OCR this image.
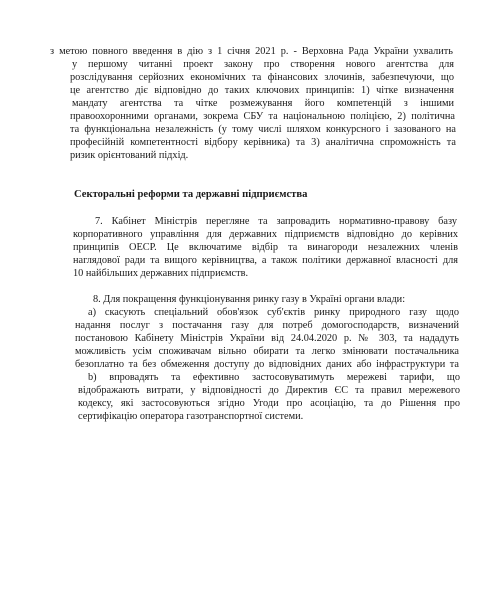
з метою повного введення в дію з 1 січня 2021 р. - Верховна Рада України ухвалить
у першому читанні проект закону про створення нового агентства для
розслідування серйозних економічних та фінансових злочинів, забезпечуючи, що
це агентство діє відповідно до таких ключових принципів: 1) чітке визначення
мандату агентства та чітке розмежування його компетенцій з іншими
правоохоронними органами, зокрема СБУ та національною поліцією, 2) політична
та функціональна незалежність (у тому числі шляхом конкурсного і зазованого на
професійній компетентності відбору керівника) та 3) аналітична спроможність та
ризик орієнтований підхід.
Секторальні реформи та державні підприємства
7. Кабінет Міністрів перегляне та запровадить нормативно-правову базу
корпоративного управління для державних підприємств відповідно до керівних
принципів ОЕСР. Це включатиме відбір та винагороди незалежних членів
наглядової ради та вищого керівництва, а також політики державної власності для
10 найбільших державних підприємств.
8. Для покращення функціонування ринку газу в Україні органи влади:
а) скасують спеціальний обов'язок суб'єктів ринку природного газу щодо
надання послуг з постачання газу для потреб домогосподарств, визначений
постановою Кабінету Міністрів України від 24.04.2020 р. № 303, та нададуть
можливість усім споживачам вільно обирати та легко змінювати постачальника
безоплатно та без обмеження доступу до відповідних даних або інфраструктури та
b) впровадять та ефективно застосовуватимуть мережеві тарифи, що
відображають витрати, у відповідності до Директив ЄС та правил мережевого
кодексу, які застосовуються згідно Угоди про асоціацію, та до Рішення про
сертифікацію оператора газотранспортної системи.
